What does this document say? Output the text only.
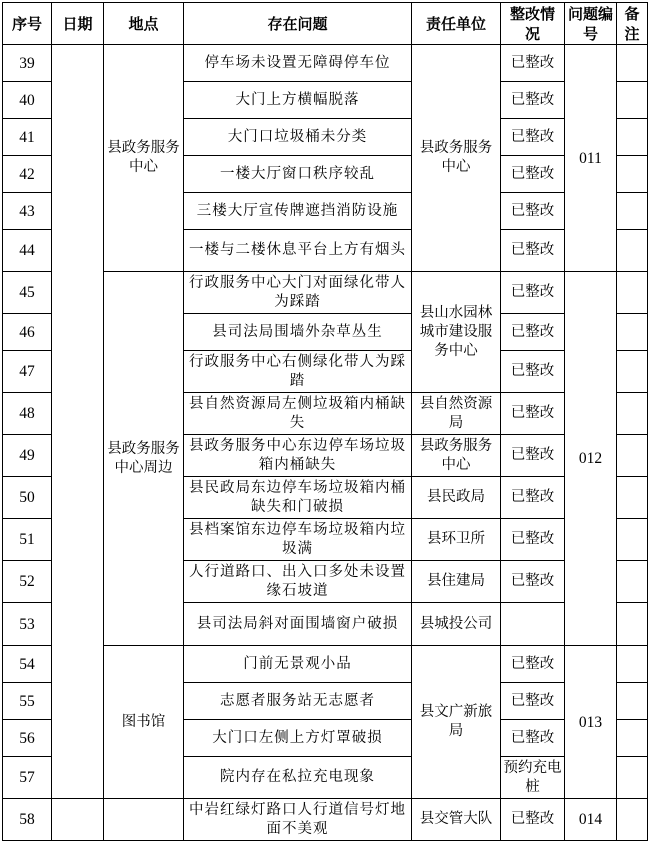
序号	日期	地点	存在问题	责任单位	整改情况	问题编号	备注
39		县政务服务中心	停车场未设置无障碍停车位	县政务服务中心	已整改	011	
40			大门上方横幅脱落		已整改		
41			大门口垃圾桶未分类		已整改		
42			一楼大厅窗口秩序较乱		已整改		
43			三楼大厅宣传牌遮挡消防设施		已整改		
44			一楼与二楼休息平台上方有烟头		已整改		
45		县政务服务中心周边	行政服务中心大门对面绿化带人为踩踏	县山水园林城市建设服务中心	已整改	012	
46			县司法局围墙外杂草丛生		已整改		
47			行政服务中心右侧绿化带人为踩踏		已整改		
48			县自然资源局左侧垃圾箱内桶缺失	县自然资源局	已整改		
49			县政务服务中心东边停车场垃圾箱内桶缺失	县政务服务中心	已整改		
50			县民政局东边停车场垃圾箱内桶缺失和门破损	县民政局	已整改		
51			县档案馆东边停车场垃圾箱内垃圾满	县环卫所	已整改		
52			人行道路口、出入口多处未设置缘石坡道	县住建局	已整改		
53			县司法局斜对面围墙窗户破损	县城投公司			
54		图书馆	门前无景观小品	县文广新旅局	已整改	013	
55			志愿者服务站无志愿者		已整改		
56			大门口左侧上方灯罩破损		已整改		
57			院内存在私拉充电现象		预约充电桩		
58			中岩红绿灯路口人行道信号灯地面不美观	县交管大队	已整改	014	
